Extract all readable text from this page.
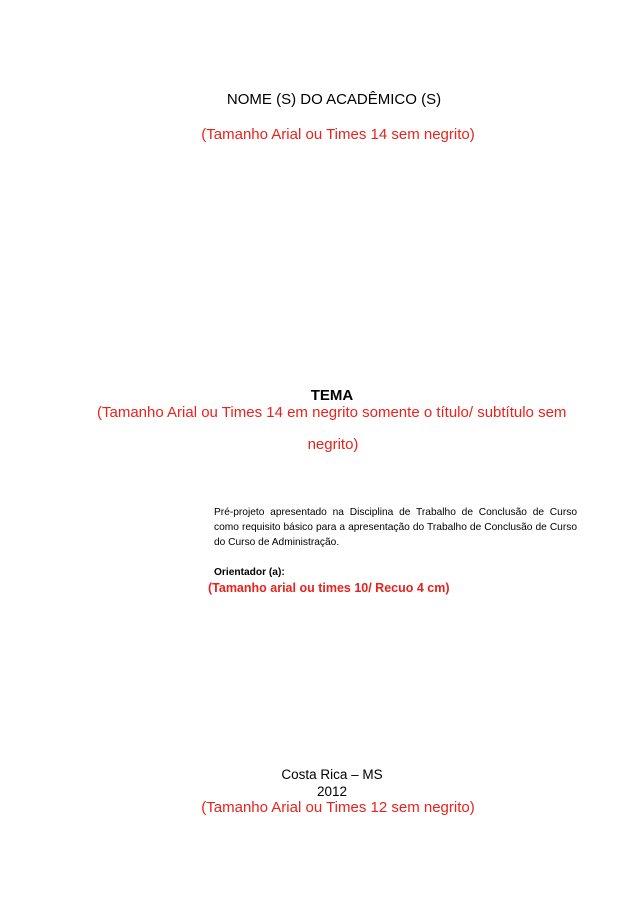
NOME (S) DO ACADÊMICO (S)
(Tamanho Arial ou Times 14 sem negrito)
TEMA
(Tamanho Arial ou Times 14 em negrito somente o título/ subtítulo sem
negrito)
Pré-projeto apresentado na Disciplina de Trabalho de Conclusão de Curso como requisito básico para a apresentação do Trabalho de Conclusão de Curso do Curso de Administração.
Orientador (a):
(Tamanho arial ou times 10/ Recuo 4 cm)
Costa Rica – MS
2012
(Tamanho Arial ou Times 12 sem negrito)
